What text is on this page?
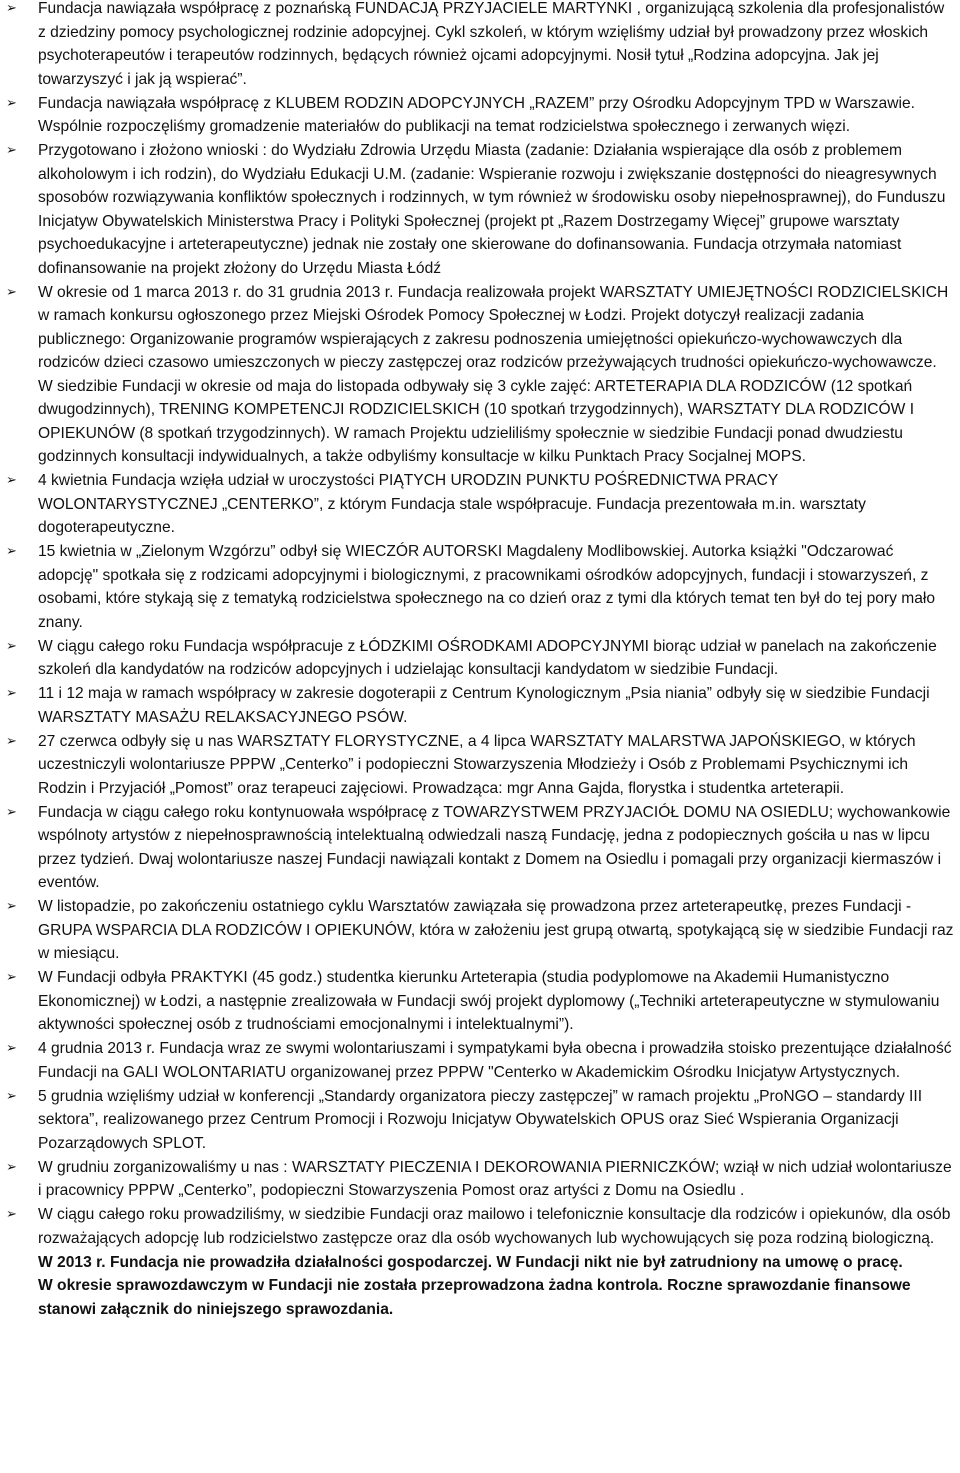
➢ Fundacja nawiązała współpracę z poznańską FUNDACJĄ PRZYJACIELE MARTYNKI , organizującą szkolenia dla profesjonalistów z dziedziny pomocy psychologicznej rodzinie adopcyjnej. Cykl szkoleń, w którym wzięliśmy udział był prowadzony przez włoskich psychoterapeutów i terapeutów rodzinnych, będących również ojcami adopcyjnymi. Nosił tytuł „Rodzina adopcyjna. Jak jej towarzyszyć i jak ją wspierać”.
➢ Fundacja nawiązała współpracę z KLUBEM RODZIN ADOPCYJNYCH „RAZEM” przy Ośrodku Adopcyjnym TPD w Warszawie. Wspólnie rozpoczęliśmy gromadzenie materiałów do publikacji na temat rodzicielstwa społecznego i zerwanych więzi.
➢ Przygotowano i złożono wnioski : do Wydziału Zdrowia Urzędu Miasta (zadanie: Działania wspierające dla osób z problemem alkoholowym i ich rodzin), do Wydziału Edukacji U.M. (zadanie: Wspieranie rozwoju i zwiększanie dostępności do nieagresywnych sposobów rozwiązywania konfliktów społecznych i rodzinnych, w tym również w środowisku osoby niepełnosprawnej), do Funduszu Inicjatyw Obywatelskich Ministerstwa Pracy i Polityki Społecznej (projekt pt „Razem Dostrzegamy Więcej” grupowe warsztaty psychoedukacyjne i arteterapeutyczne) jednak nie zostały one skierowane do dofinansowania. Fundacja otrzymała natomiast dofinansowanie na projekt złożony do Urzędu Miasta Łódź
➢ W okresie od 1 marca 2013 r. do 31 grudnia 2013 r. Fundacja realizowała projekt WARSZTATY UMIEJĘTNOŚCI RODZICIELSKICH w ramach konkursu ogłoszonego przez Miejski Ośrodek Pomocy Społecznej w Łodzi. Projekt dotyczył realizacji zadania publicznego: Organizowanie programów wspierających z zakresu podnoszenia umiejętności opiekuńczo-wychowawczych dla rodziców dzieci czasowo umieszczonych w pieczy zastępczej oraz rodziców przeżywających trudności opiekuńczo-wychowawcze. W siedzibie Fundacji w okresie od maja do listopada odbywały się 3 cykle zajęć: ARTETERAPIA DLA RODZICÓW (12 spotkań dwugodzinnych), TRENING KOMPETENCJI RODZICIELSKICH (10 spotkań trzygodzinnych), WARSZTATY DLA RODZICÓW I OPIEKUNÓW (8 spotkań trzygodzinnych). W ramach Projektu udzieliliśmy społecznie w siedzibie Fundacji ponad dwudziestu godzinnych konsultacji indywidualnych, a także odbyliśmy konsultacje w kilku Punktach Pracy Socjalnej MOPS.
➢ 4 kwietnia Fundacja wzięła udział w uroczystości PIĄTYCH URODZIN PUNKTU POŚREDNICTWA PRACY WOLONTARYSTYCZNEJ „CENTERKO”, z którym Fundacja stale współpracuje. Fundacja prezentowała m.in. warsztaty dogoterapeutyczne.
➢ 15 kwietnia w „Zielonym Wzgórzu” odbył się WIECZÓR AUTORSKI Magdaleny Modlibowskiej. Autorka książki "Odczarować adopcję" spotkała się z rodzicami adopcyjnymi i biologicznymi, z pracownikami ośrodków adopcyjnych, fundacji i stowarzyszeń, z osobami, które stykają się z tematyką rodzicielstwa społecznego na co dzień oraz z tymi dla których temat ten był do tej pory mało znany.
➢ W ciągu całego roku Fundacja współpracuje z ŁÓDZKIMI OŚRODKAMI ADOPCYJNYMI biorąc udział w panelach na zakończenie szkoleń dla kandydatów na rodziców adopcyjnych i udzielając konsultacji kandydatom w siedzibie Fundacji.
➢ 11 i 12 maja w ramach współpracy w zakresie dogoterapii z Centrum Kynologicznym „Psia niania” odbyły się w siedzibie Fundacji WARSZTATY MASAŻU RELAKSACYJNEGO PSÓW.
➢ 27 czerwca odbyły się u nas WARSZTATY FLORYSTYCZNE, a 4 lipca WARSZTATY MALARSTWA JAPOŃSKIEGO, w których uczestniczyli wolontariusze PPPW „Centerko” i podopieczni Stowarzyszenia Młodzieży i Osób z Problemami Psychicznymi ich Rodzin i Przyjaciół „Pomost” oraz terapeuci zajęciowi. Prowadząca: mgr Anna Gajda, florystka i studentka arteterapii.
➢ Fundacja w ciągu całego roku kontynuowała współpracę z TOWARZYSTWEM PRZYJACIÓŁ DOMU NA OSIEDLU; wychowankowie wspólnoty artystów z niepełnosprawnością intelektualną odwiedzali naszą Fundację, jedna z podopiecznych gościła u nas w lipcu przez tydzień. Dwaj wolontariusze naszej Fundacji nawiązali kontakt z Domem na Osiedlu i pomagali przy organizacji kiermaszów i eventów.
➢ W listopadzie, po zakończeniu ostatniego cyklu Warsztatów zawiązała się prowadzona przez arteterapeutkę, prezes Fundacji - GRUPA WSPARCIA DLA RODZICÓW I OPIEKUNÓW, która w założeniu jest grupą otwartą, spotykającą się w siedzibie Fundacji raz w miesiącu.
➢ W Fundacji odbyła PRAKTYKI (45 godz.) studentka kierunku Arteterapia (studia podyplomowe na Akademii Humanistyczno Ekonomicznej) w Łodzi, a następnie zrealizowała w Fundacji swój projekt dyplomowy („Techniki arteterapeutyczne w stymulowaniu aktywności społecznej osób z trudnościami emocjonalnymi i intelektualnymi”).
➢ 4 grudnia 2013 r. Fundacja wraz ze swymi wolontariuszami i sympatykami była obecna i prowadziła stoisko prezentujące działalność Fundacji na GALI WOLONTARIATU organizowanej przez PPPW "Centerko w Akademickim Ośrodku Inicjatyw Artystycznych.
➢ 5 grudnia wzięliśmy udział w konferencji „Standardy organizatora pieczy zastępczej” w ramach projektu „ProNGO – standardy III sektora”, realizowanego przez Centrum Promocji i Rozwoju Inicjatyw Obywatelskich OPUS oraz Sieć Wspierania Organizacji Pozarządowych SPLOT.
➢ W grudniu zorganizowaliśmy u nas : WARSZTATY PIECZENIA I DEKOROWANIA PIERNICZKÓW; wziął w nich udział wolontariusze i pracownicy PPPW „Centerko”, podopieczni Stowarzyszenia Pomost oraz artyści z Domu na Osiedlu .
➢ W ciągu całego roku prowadziliśmy, w siedzibie Fundacji oraz mailowo i telefonicznie konsultacje dla rodziców i opiekunów, dla osób rozważających adopcję lub rodzicielstwo zastępcze oraz dla osób wychowanych lub wychowujących się poza rodziną biologiczną.

W 2013 r. Fundacja nie prowadziła działalności gospodarczej. W Fundacji nikt nie był zatrudniony na umowę o pracę.

W okresie sprawozdawczym w Fundacji nie została przeprowadzona żadna kontrola. Roczne sprawozdanie finansowe stanowi załącznik do niniejszego sprawozdania.
